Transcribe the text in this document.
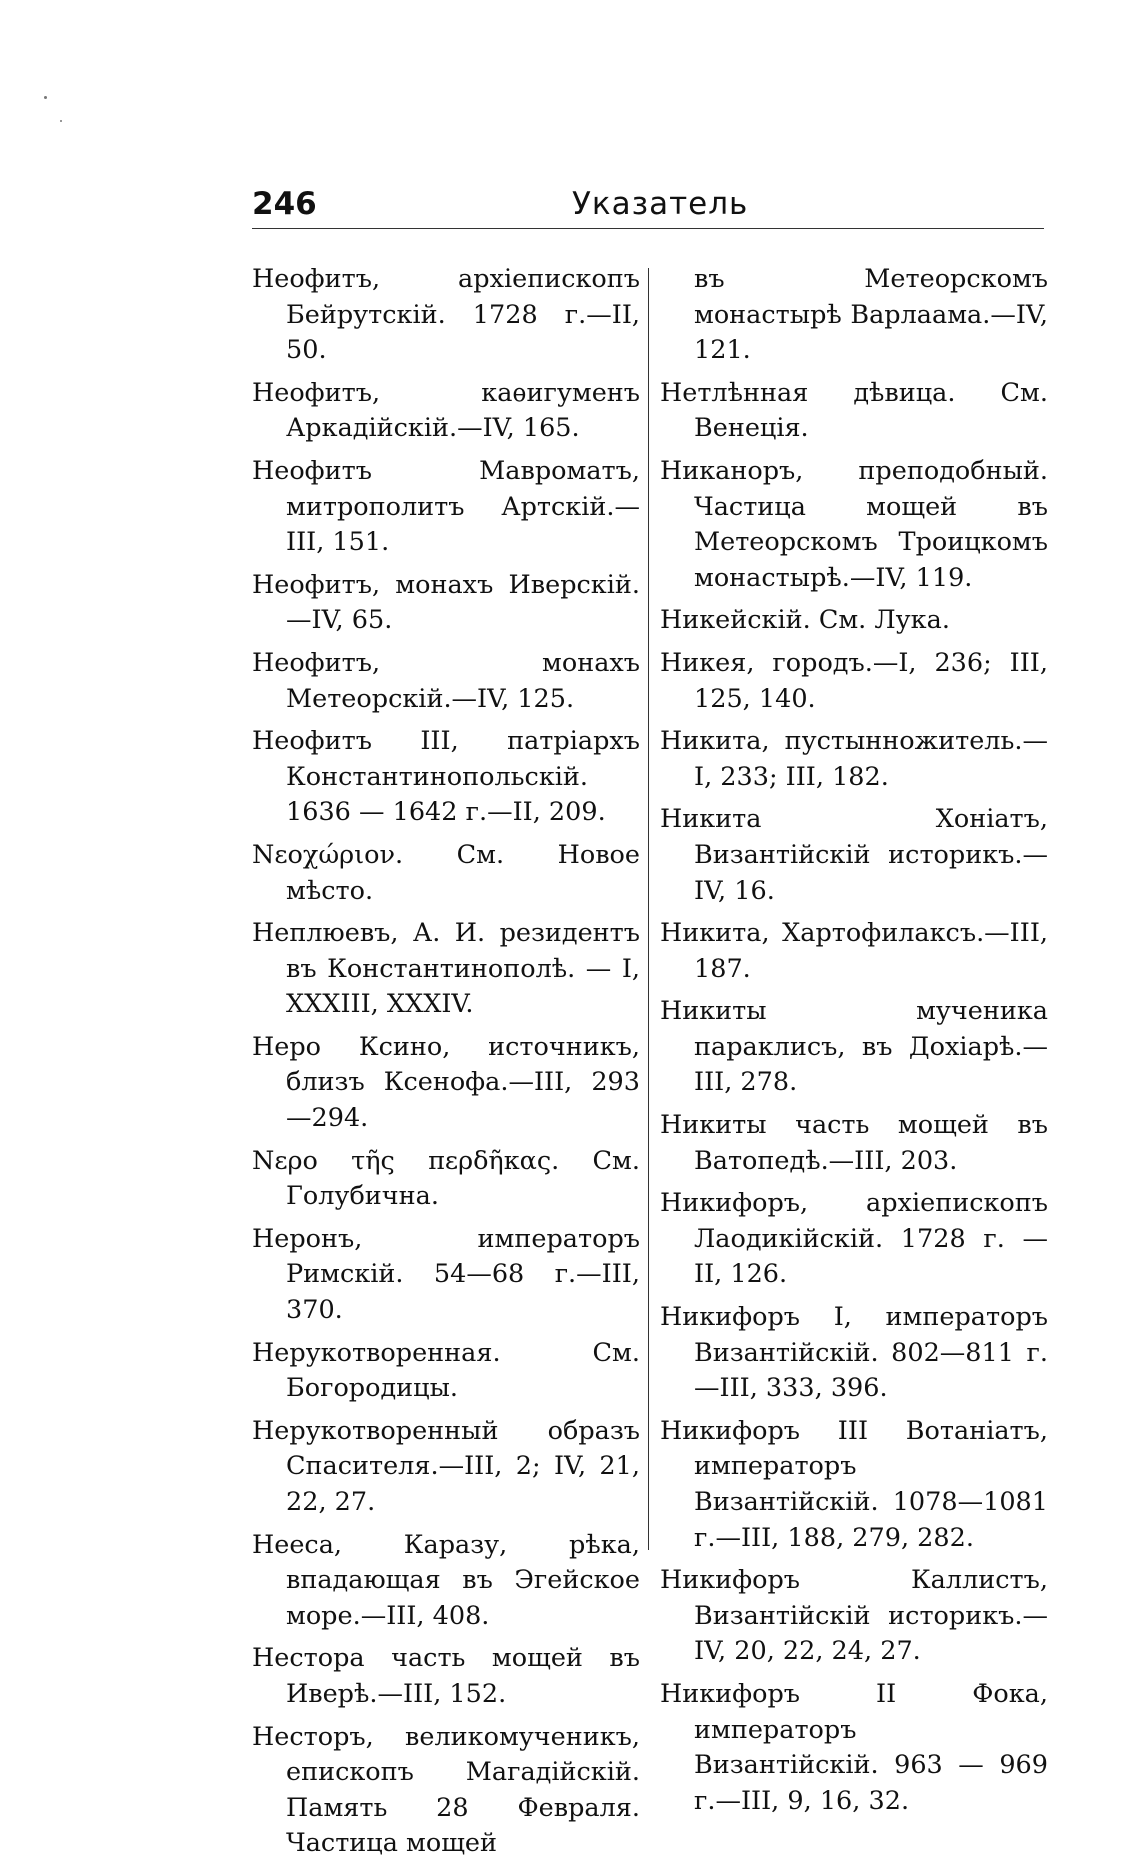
246	Указатель

Неофитъ, архіепископъ Бейрутскій. 1728 г.—II, 50.

Неофитъ, каѳигуменъ Аркадійскій.—IV, 165.

Неофитъ Мавроматъ, митрополитъ Артскій.—III, 151.

Неофитъ, монахъ Иверскій.—IV, 65.

Неофитъ, монахъ Метеорскій.—IV, 125.

Неофитъ III, патріархъ Константинопольскій. 1636 — 1642 г.—II, 209.

Νεοχώριον. См. Новое мѣсто.

Неплюевъ, А. И. резидентъ въ Константинополѣ. — I, XXXIII, XXXIV.

Неро Ксино, источникъ, близъ Ксенофа.—III, 293—294.

Νερο τῆς περδῆκας. См. Голубична.

Неронъ, императоръ Римскій. 54—68 г.—III, 370.

Нерукотворенная. См. Богородицы.

Нерукотворенный образъ Спасителя.—III, 2; IV, 21, 22, 27.

Нееса, Каразу, рѣка, впадающая въ Эгейское море.—III, 408.

Нестора часть мощей въ Иверѣ.—III, 152.

Несторъ, великомученикъ, епископъ Магадійскій. Память 28 Февраля. Частица мощей

въ Метеорскомъ монастырѣ Варлаама.—IV, 121.

Нетлѣнная дѣвица. См. Венеція.

Никаноръ, преподобный. Частица мощей въ Метеорскомъ Троицкомъ монастырѣ.—IV, 119.

Никейскій. См. Лука.

Никея, городъ.—I, 236; III, 125, 140.

Никита, пустынножитель.—I, 233; III, 182.

Никита Хоніатъ, Византійскій историкъ.—IV, 16.

Никита, Хартофилаксъ.—III, 187.

Никиты мученика параклисъ, въ Дохіарѣ.—III, 278.

Никиты часть мощей въ Ватопедѣ.—III, 203.

Никифоръ, архіепископъ Лаодикійскій. 1728 г. — II, 126.

Никифоръ I, императоръ Византійскій. 802—811 г.—III, 333, 396.

Никифоръ III Вотаніатъ, императоръ Византійскій. 1078—1081 г.—III, 188, 279, 282.

Никифоръ Каллистъ, Византійскій историкъ.—IV, 20, 22, 24, 27.

Никифоръ II Фока, императоръ Византійскій. 963 — 969 г.—III, 9, 16, 32.
